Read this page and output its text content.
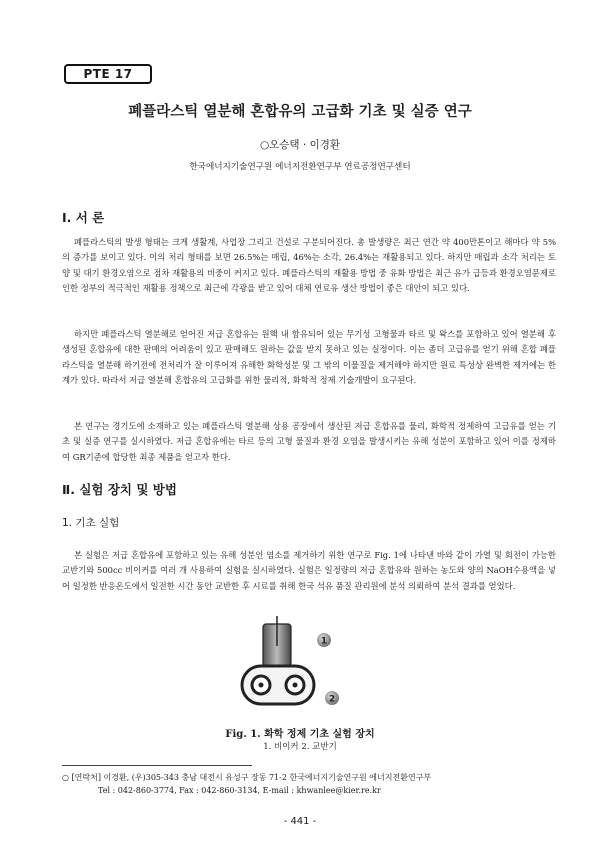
PTE 17
폐플라스틱 열분해 혼합유의 고급화 기초 및 실증 연구
○오승택 · 이경환
한국에너지기술연구원 에너지전환연구부 연료공정연구센터
Ⅰ. 서 론

폐플라스틱의 발생 형태는 크게 생활계, 사업장 그리고 건설로 구분되어진다. 총 발생량은 최근 연간 약 400만톤이고 해마다 약 5%의 증가를 보이고 있다. 이의 처리 형태를 보면 26.5%는 매립, 46%는 소각, 26.4%는 재활용되고 있다. 하지만 매립과 소각 처리는 토양 및 대기 환경오염으로 점차 재활용의 비중이 커지고 있다. 폐플라스틱의 재활용 방법 중 유화 방법은 최근 유가 급등과 환경오염문제로 인한 정부의 적극적인 재활용 정책으로 최근에 각광을 받고 있어 대체 연료유 생산 방법이 좋은 대안이 되고 있다.

하지만 폐플라스틱 열분해로 얻어진 저급 혼합유는 원핵 내 함유되어 있는 무기성 고형물과 타르 및 왁스를 포함하고 있어 열분해 후 생성된 혼합유에 대한 판매의 어려움이 있고 판매해도 원하는 값을 받지 못하고 있는 실정이다. 이는 좀더 고급유를 얻기 위해 혼합 폐플라스틱을 열분해 하기전에 전처리가 잘 이루어져 유해한 화학성분 및 그 밖의 이물질을 제거해야 하지만 원료 특성상 완벽한 제거에는 한계가 있다. 따라서 저급 열분해 혼합유의 고급화를 위한 물리적, 화학적 정제 기술개발이 요구된다.

본 연구는 경기도에 소재하고 있는 폐플라스틱 열분해 상용 공장에서 생산된 저급 혼합유를 물리, 화학적 정제하여 고급유를 얻는 기초 및 실증 연구를 실시하였다. 저급 혼합유에는 타르 등의 고형 물질과 환경 오염을 발생시키는 유해 성분이 포함하고 있어 이를 정제하여 GR기준에 합당한 최종 제품을 얻고자 한다.

Ⅱ. 실험 장치 및 방법
1. 기초 실험

본 실험은 저급 혼합유에 포함하고 있는 유해 성분인 염소를 제거하기 위한 연구로 Fig. 1에 나타낸 바와 같이 가열 및 회전이 가능한 교반기와 500cc 비이커를 여러 개 사용하여 실험을 실시하였다. 실험은 일정량의 저급 혼합유와 원하는 농도와 양의 NaOH수용액을 넣어 일정한 반응온도에서 일전한 시간 동안 교반한 후 시료를 취해 한국 석유 품질 관리원에 분석 의뢰하여 분석 결과를 얻었다.

1
2
Fig. 1. 화학 정제 기초 실험 장치
1. 비이커 2. 교반기
○ [연락처] 이경환, (우)305-343 충남 대전시 유성구 장동 71-2 한국에너지기술연구원 에너지전환연구부
Tel : 042-860-3774, Fax : 042-860-3134, E-mail : khwanlee@kier.re.kr
- 441 -
